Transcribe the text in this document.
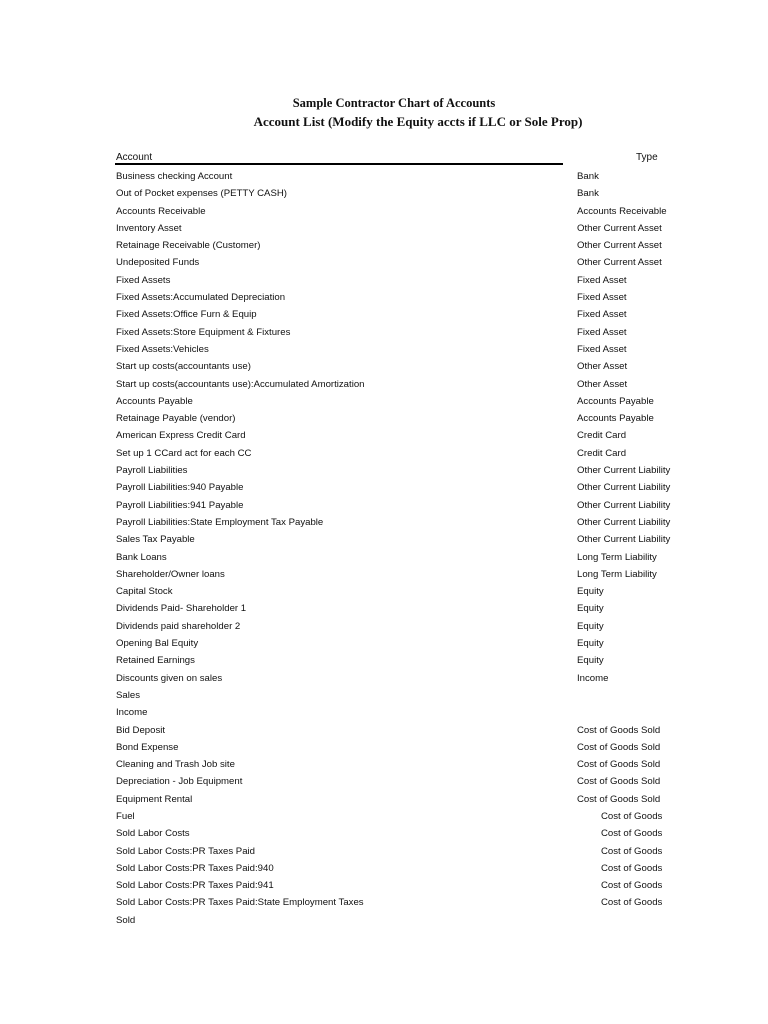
Sample Contractor Chart of Accounts
Account List (Modify the Equity accts if LLC or Sole Prop)
Account	Type
Business checking Account	Bank
Out of Pocket expenses (PETTY CASH)	Bank
Accounts Receivable	Accounts Receivable
Inventory Asset	Other Current Asset
Retainage Receivable (Customer)	Other Current Asset
Undeposited Funds	Other Current Asset
Fixed Assets	Fixed Asset
Fixed Assets:Accumulated Depreciation	Fixed Asset
Fixed Assets:Office Furn & Equip	Fixed Asset
Fixed Assets:Store Equipment & Fixtures	Fixed Asset
Fixed Assets:Vehicles	Fixed Asset
Start up costs(accountants use)	Other Asset
Start up costs(accountants use):Accumulated Amortization	Other Asset
Accounts Payable	Accounts Payable
Retainage Payable (vendor)	Accounts Payable
American Express Credit Card	Credit Card
Set up 1 CCard act for each CC	Credit Card
Payroll Liabilities	Other Current Liability
Payroll Liabilities:940 Payable	Other Current Liability
Payroll Liabilities:941 Payable	Other Current Liability
Payroll Liabilities:State Employment Tax Payable	Other Current Liability
Sales Tax Payable	Other Current Liability
Bank Loans	Long Term Liability
Shareholder/Owner loans	Long Term Liability
Capital Stock	Equity
Dividends Paid- Shareholder 1	Equity
Dividends paid shareholder 2	Equity
Opening Bal Equity	Equity
Retained Earnings	Equity
Discounts given on sales	Income
Sales
Income
Bid Deposit	Cost of Goods Sold
Bond Expense	Cost of Goods Sold
Cleaning and Trash Job site	Cost of Goods Sold
Depreciation - Job Equipment	Cost of Goods Sold
Equipment Rental	Cost of Goods Sold
Fuel	Cost of Goods
Sold Labor Costs	Cost of Goods
Sold Labor Costs:PR Taxes Paid	Cost of Goods
Sold Labor Costs:PR Taxes Paid:940	Cost of Goods
Sold Labor Costs:PR Taxes Paid:941	Cost of Goods
Sold Labor Costs:PR Taxes Paid:State Employment Taxes	Cost of Goods
Sold
